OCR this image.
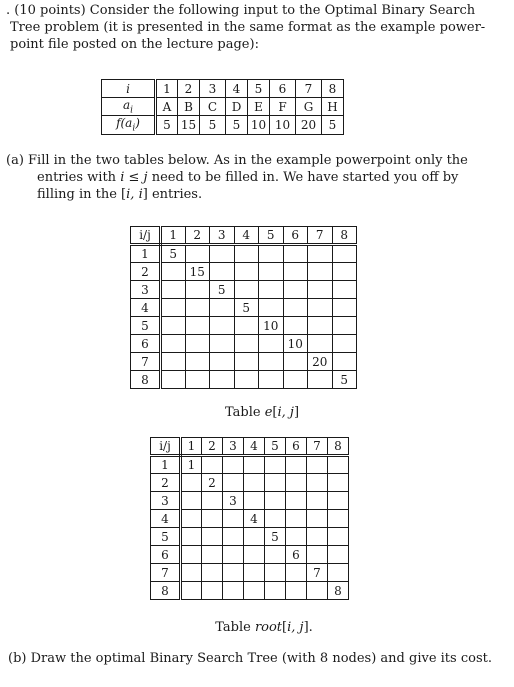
. (10 points) Consider the following input to the Optimal Binary Search
Tree problem (it is presented in the same format as the example power-
point file posted on the lecture page):
i	1	2	3	4	5	6	7	8
$a_i$	A	B	C	D	E	F	G	H
$f(a_i)$	5	15	5	5	10	10	20	5
(a) Fill in the two tables below. As in the example powerpoint only the
entries with i ≤ j need to be filled in. We have started you off by
filling in the [i, i] entries.
i/j	1	2	3	4	5	6	7	8
1	5							
2		15						
3			5					
4				5				
5					10			
6						10		
7							20	
8								5
Table e[i, j]
i/j	1	2	3	4	5	6	7	8
1	1							
2		2						
3			3					
4				4				
5					5			
6						6		
7							7	
8								8
Table root[i, j].
(b) Draw the optimal Binary Search Tree (with 8 nodes) and give its cost.
